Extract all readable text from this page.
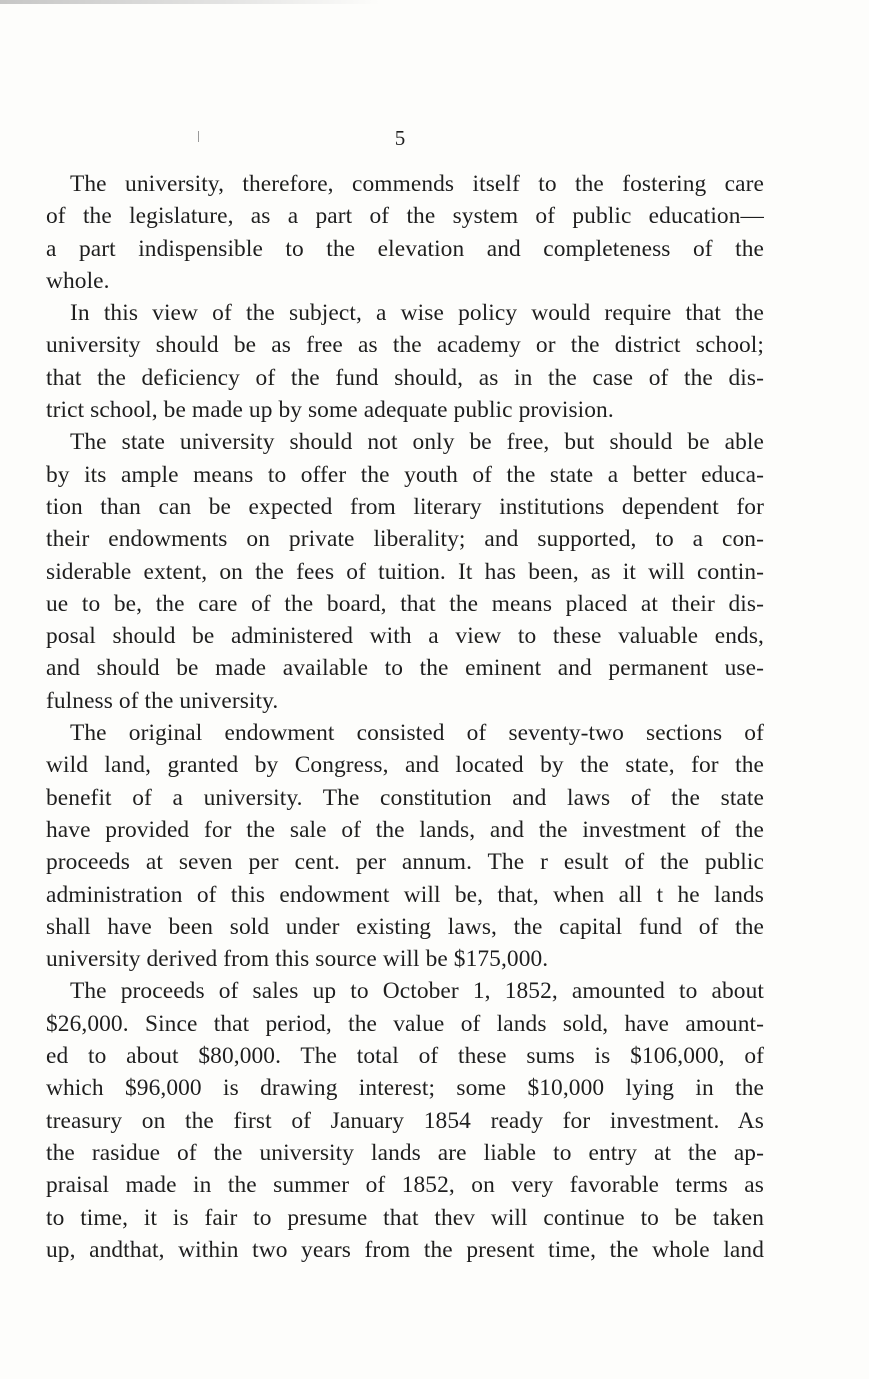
5
The university, therefore, commends itself to the fostering care
of the legislature, as a part of the system of public education—
a part indispensible to the elevation and completeness of the
whole.
In this view of the subject, a wise policy would require that the
university should be as free as the academy or the district school;
that the deficiency of the fund should, as in the case of the dis-
trict school, be made up by some adequate public provision.
The state university should not only be free, but should be able
by its ample means to offer the youth of the state a better educa-
tion than can be expected from literary institutions dependent for
their endowments on private liberality; and supported, to a con-
siderable extent, on the fees of tuition. It has been, as it will contin-
ue to be, the care of the board, that the means placed at their dis-
posal should be administered with a view to these valuable ends,
and should be made available to the eminent and permanent use-
fulness of the university.
The original endowment consisted of seventy-two sections of
wild land, granted by Congress, and located by the state, for the
benefit of a university. The constitution and laws of the state
have provided for the sale of the lands, and the investment of the
proceeds at seven per cent. per annum. The r esult of the public
administration of this endowment will be, that, when all t he lands
shall have been sold under existing laws, the capital fund of the
university derived from this source will be $175,000.
The proceeds of sales up to October 1, 1852, amounted to about
$26,000. Since that period, the value of lands sold, have amount-
ed to about $80,000. The total of these sums is $106,000, of
which $96,000 is drawing interest; some $10,000 lying in the
treasury on the first of January 1854 ready for investment. As
the rasidue of the university lands are liable to entry at the ap-
praisal made in the summer of 1852, on very favorable terms as
to time, it is fair to presume that thev will continue to be taken
up, andthat, within two years from the present time, the whole land
